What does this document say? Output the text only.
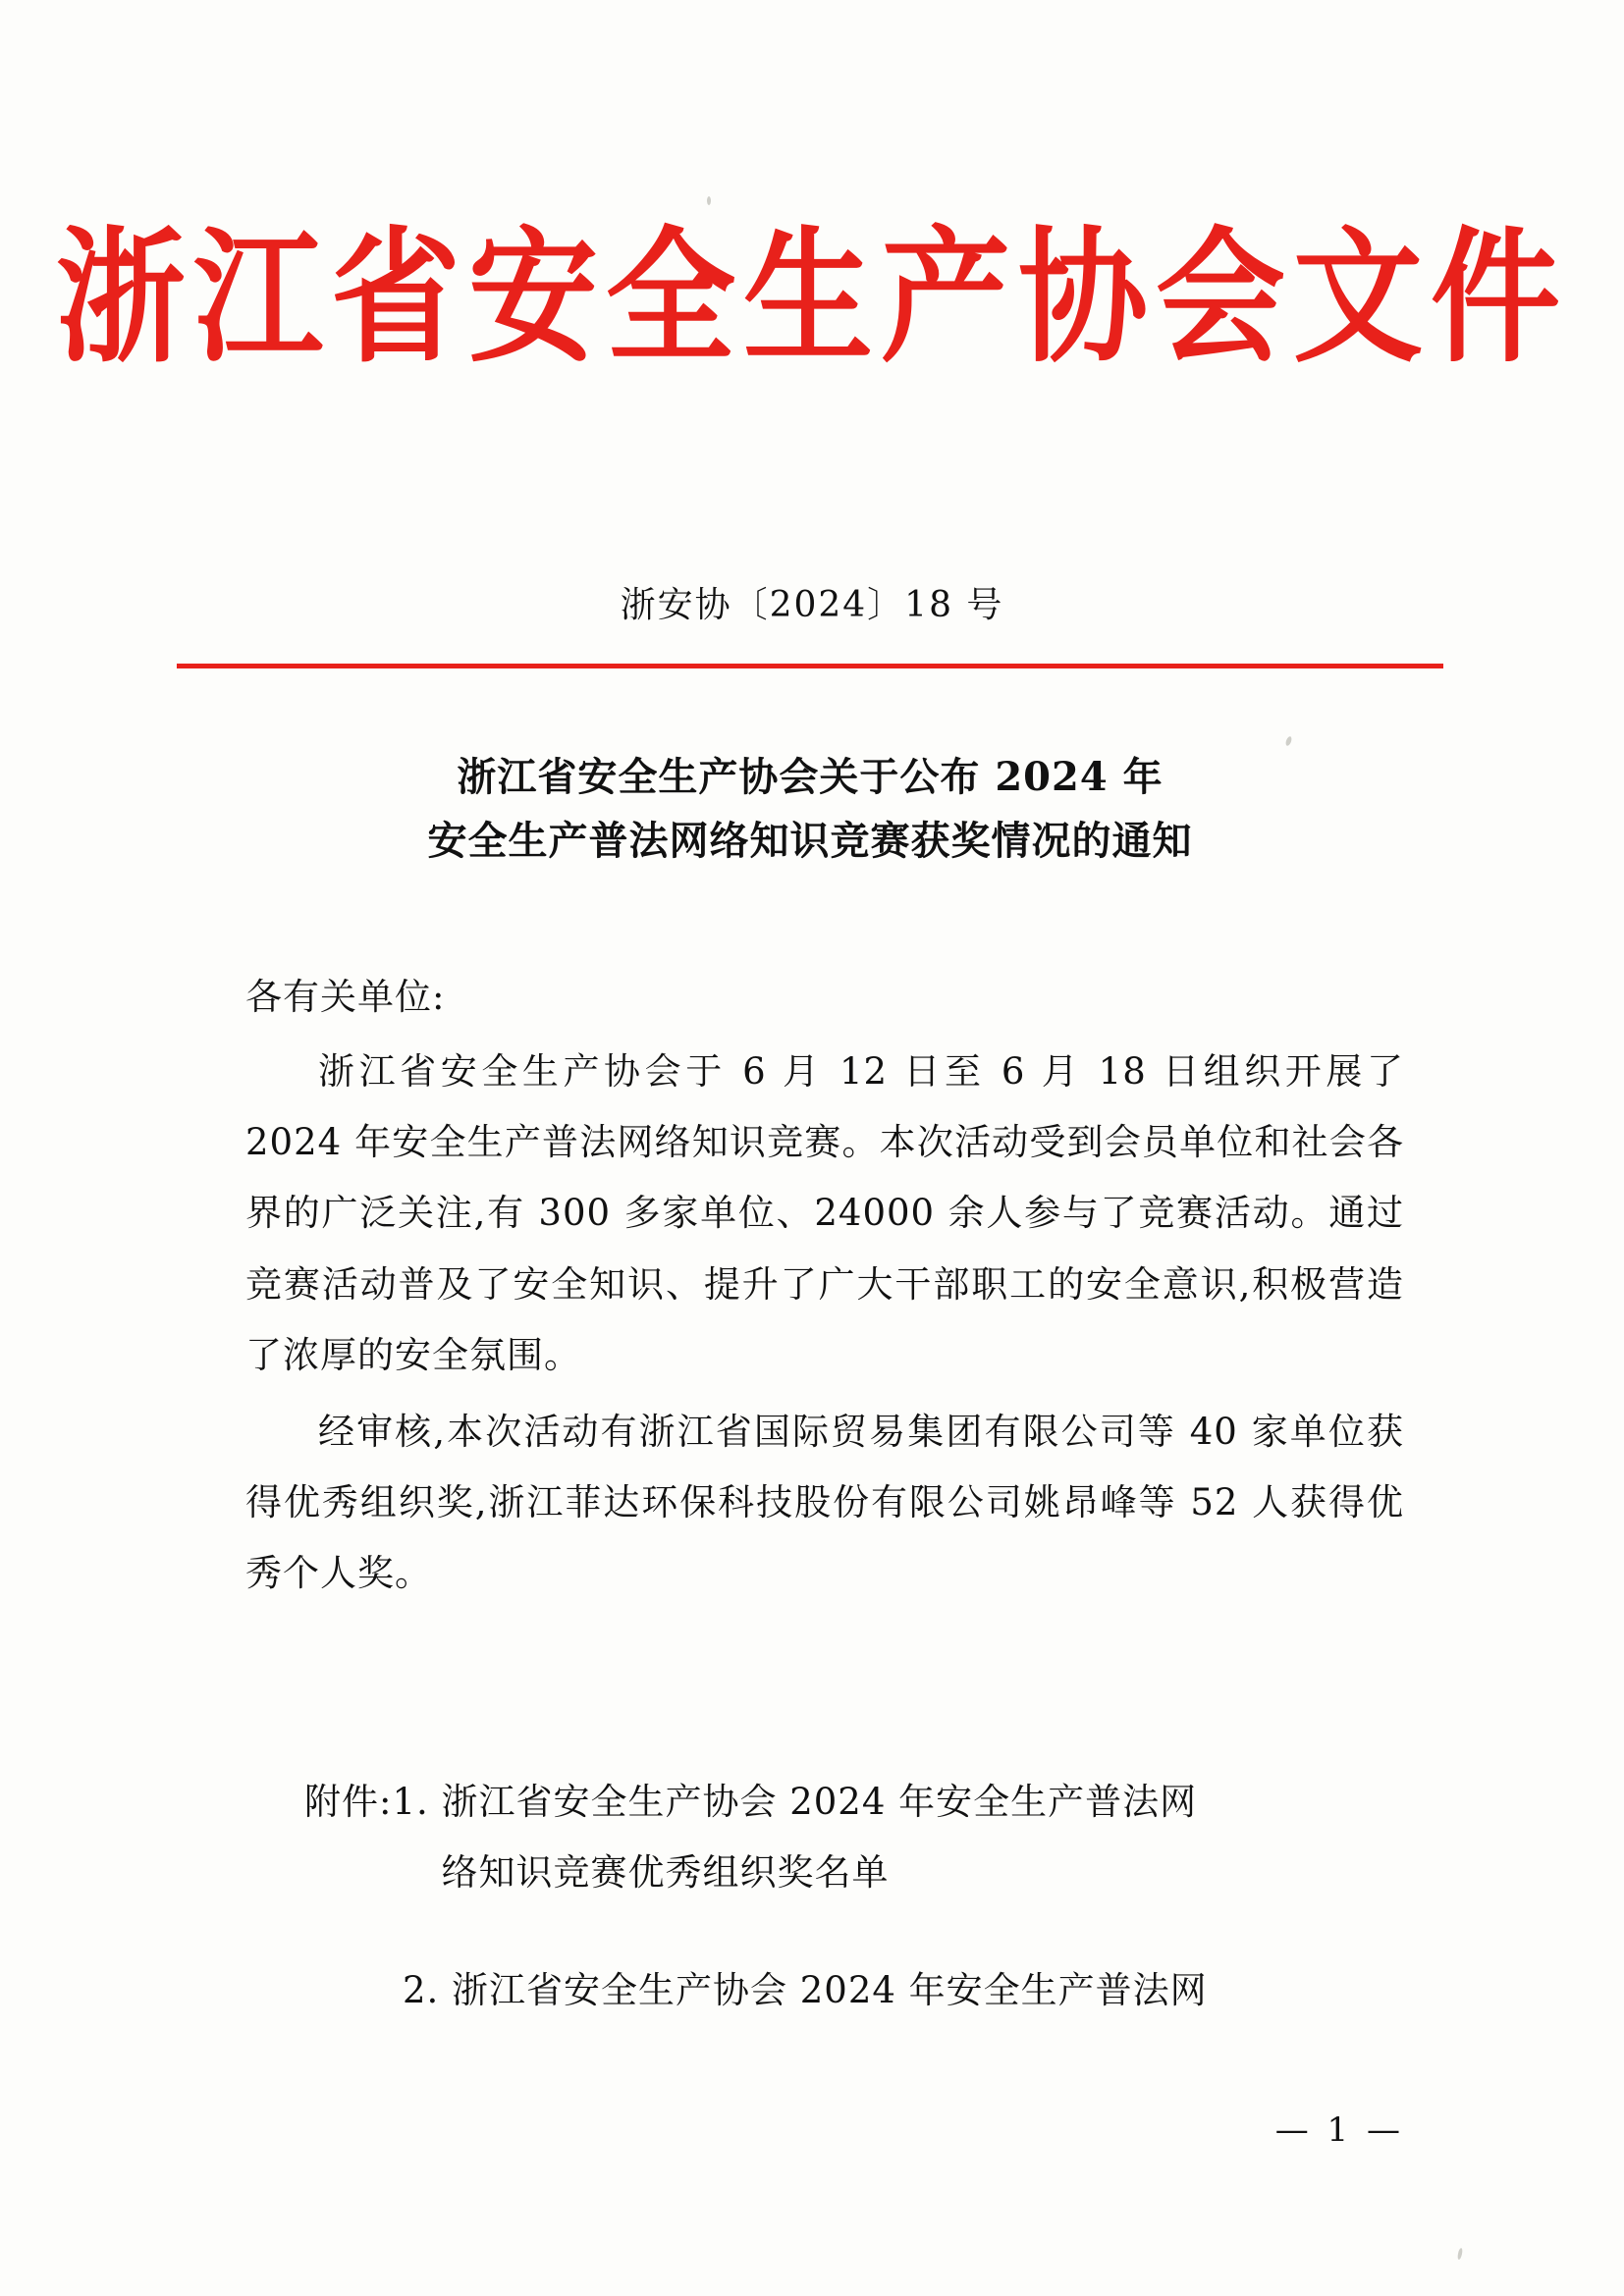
浙江省安全生产协会文件
浙安协〔2024〕18 号
浙江省安全生产协会关于公布 2024 年
安全生产普法网络知识竞赛获奖情况的通知

各有关单位:

浙江省安全生产协会于 6 月 12 日至 6 月 18 日组织开展了 2024 年安全生产普法网络知识竞赛。本次活动受到会员单位和社会各界的广泛关注,有 300 多家单位、24000 余人参与了竞赛活动。通过竞赛活动普及了安全知识、提升了广大干部职工的安全意识,积极营造了浓厚的安全氛围。

经审核,本次活动有浙江省国际贸易集团有限公司等 40 家单位获得优秀组织奖,浙江菲达环保科技股份有限公司姚昂峰等 52 人获得优秀个人奖。

附件: 1. 浙江省安全生产协会 2024 年安全生产普法网
络知识竞赛优秀组织奖名单
2. 浙江省安全生产协会 2024 年安全生产普法网
— 1 —
